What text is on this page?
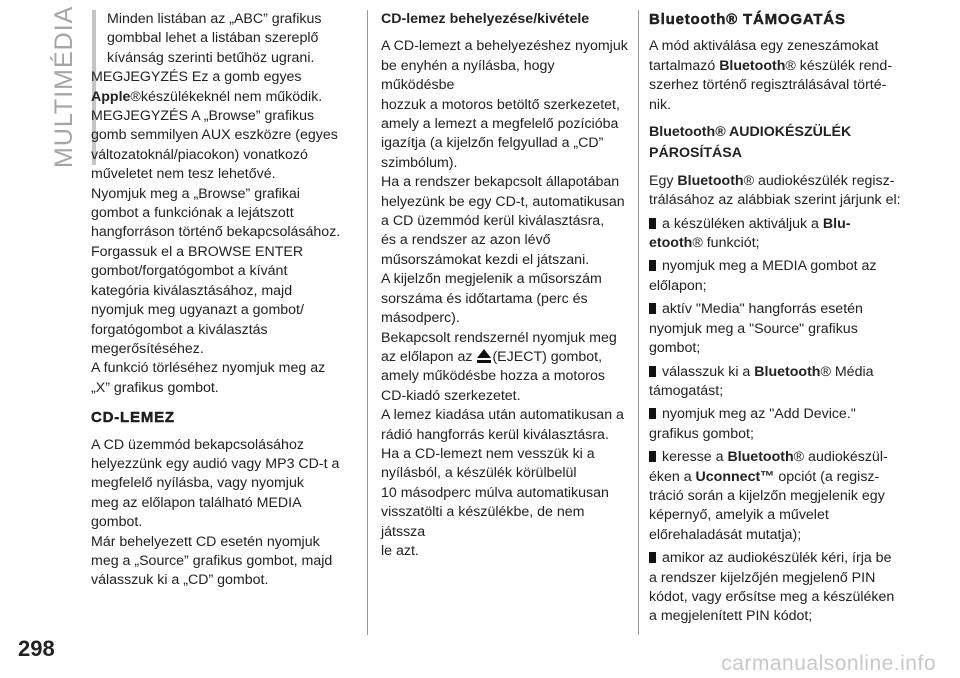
MULTIMÉDIA Minden listában az „ABC” grafikus

gombbal lehet a listában szereplő

kívánság szerinti betűhöz ugrani.

MEGJEGYZÉS Ez a gomb egyes

Apple®készülékeknél nem működik.

MEGJEGYZÉS A „Browse” grafikus

gomb semmilyen AUX eszközre (egyes

változatoknál/piacokon) vonatkozó

műveletet nem tesz lehetővé.

Nyomjuk meg a „Browse” grafikai

gombot a funkciónak a lejátszott

hangforráson történő bekapcsolásához.

Forgassuk el a BROWSE ENTER

gombot/forgatógombot a kívánt

kategória kiválasztásához, majd

nyomjuk meg ugyanazt a gombot/

forgatógombot a kiválasztás

megerősítéséhez.

A funkció törléséhez nyomjuk meg az

„X” grafikus gombot.

CD-LEMEZ

A CD üzemmód bekapcsolásához

helyezzünk egy audió vagy MP3 CD-t a

megfelelő nyílásba, vagy nyomjuk

meg az előlapon található MEDIA

gombot.

Már behelyezett CD esetén nyomjuk

meg a „Source” grafikus gombot, majd

válasszuk ki a „CD” gombot.

CD-lemez behelyezése/kivétele

A CD-lemezt a behelyezéshez nyomjuk

be enyhén a nyílásba, hogy működésbe

hozzuk a motoros betöltő szerkezetet,

amely a lemezt a megfelelő pozícióba

igazítja (a kijelzőn felgyullad a „CD”

szimbólum).

Ha a rendszer bekapcsolt állapotában

helyezünk be egy CD-t, automatikusan

a CD üzemmód kerül kiválasztásra,

és a rendszer az azon lévő

műsorszámokat kezdi el játszani.

A kijelzőn megjelenik a műsorszám

sorszáma és időtartama (perc és

másodperc).

Bekapcsolt rendszernél nyomjuk meg

az előlapon az (EJECT) gombot,

amely működésbe hozza a motoros

CD-kiadó szerkezetet.

A lemez kiadása után automatikusan a

rádió hangforrás kerül kiválasztásra.

Ha a CD-lemezt nem vesszük ki a

nyílásból, a készülék körülbelül

10 másodperc múlva automatikusan

visszatölti a készülékbe, de nem játssza

le azt.

Bluetooth® TÁMOGATÁS

A mód aktiválása egy zeneszámokat

tartalmazó Bluetooth® készülék rend-

szerhez történő regisztrálásával törté-

nik.

Bluetooth® AUDIOKÉSZÜLÉK

PÁROSÍTÁSA

Egy Bluetooth® audiokészülék regisz-

trálásához az alábbiak szerint járjunk el:

a készüléken aktiváljuk a Blu-

etooth® funkciót;

nyomjuk meg a MEDIA gombot az

előlapon;

aktív "Media" hangforrás esetén

nyomjuk meg a "Source" grafikus

gombot;

válasszuk ki a Bluetooth® Média

támogatást;

nyomjuk meg az "Add Device."

grafikus gombot;

keresse a Bluetooth® audiokészül-

éken a Uconnect™ opciót (a regisz-

tráció során a kijelzőn megjelenik egy

képernyő, amelyik a művelet

előrehaladását mutatja);

amikor az audiokészülék kéri, írja be

a rendszer kijelzőjén megjelenő PIN

kódot, vagy erősítse meg a készüléken

a megjelenített PIN kódot;

298
carmanualsonline.info
